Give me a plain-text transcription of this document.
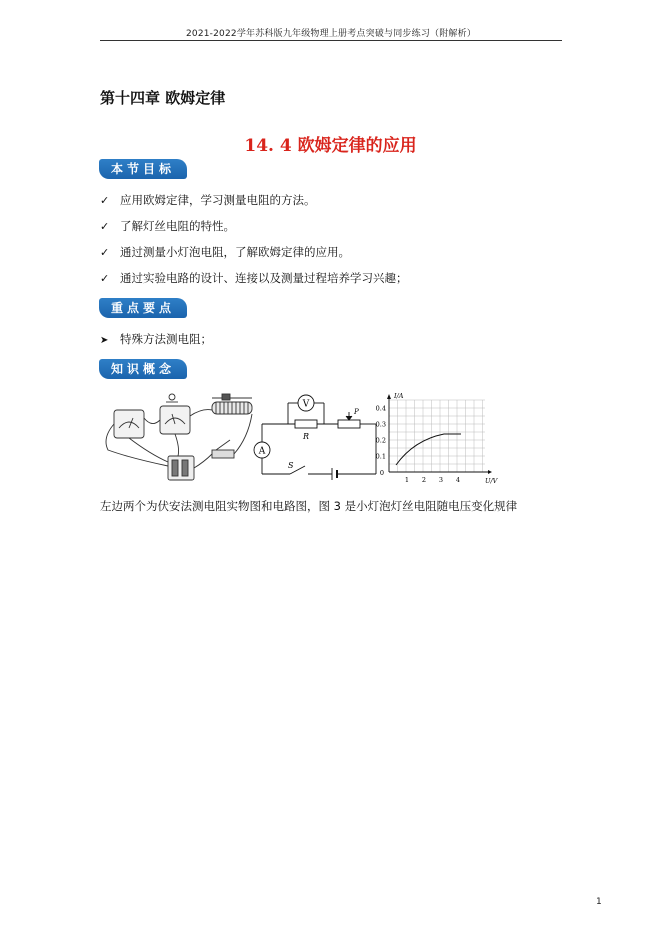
2021-2022学年苏科版九年级物理上册考点突破与同步练习（附解析）
第十四章 欧姆定律
14. 4 欧姆定律的应用
本节目标
✓
应用欧姆定律，学习测量电阻的方法。
✓
了解灯丝电阻的特性。
✓
通过测量小灯泡电阻，了解欧姆定律的应用。
✓
通过实验电路的设计、连接以及测量过程培养学习兴趣；
重点要点
➤
特殊方法测电阻；
知识概念
V
A
R
P
S
I/A
U/V
0
0.1
0.2
0.3
0.4
1 2 3 4
左边两个为伏安法测电阻实物图和电路图，图 3 是小灯泡灯丝电阻随电压变化规律
1
